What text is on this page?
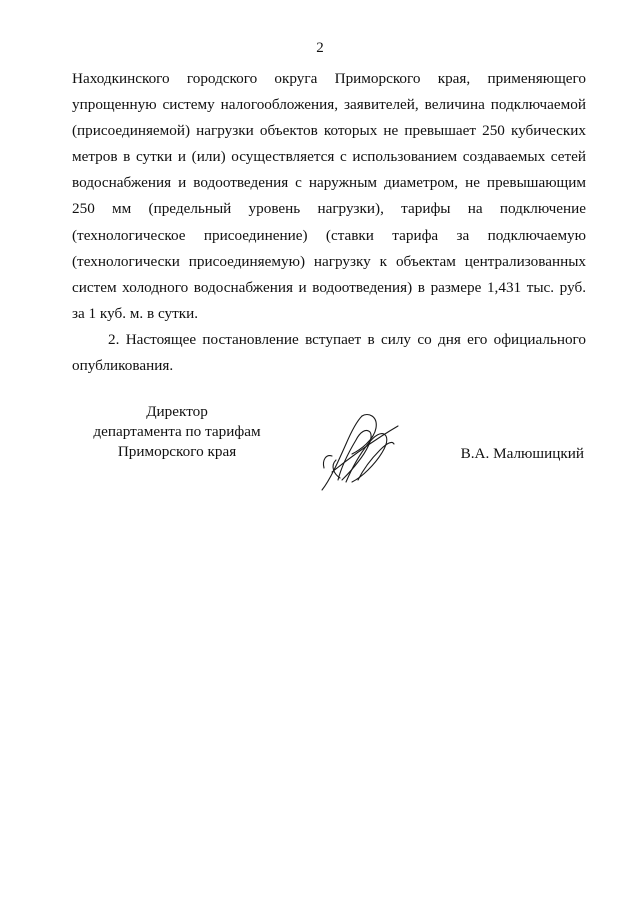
2

Находкинского городского округа Приморского края, применяющего упрощенную систему налогообложения, заявителей, величина подключаемой (присоединяемой) нагрузки объектов которых не превышает 250 кубических метров в сутки и (или) осуществляется с использованием создаваемых сетей водоснабжения и водоотведения с наружным диаметром, не превышающим 250 мм (предельный уровень нагрузки), тарифы на подключение (технологическое присоединение) (ставки тарифа за подключаемую (технологически присоединяемую) нагрузку к объектам централизованных систем холодного водоснабжения и водоотведения) в размере 1,431 тыс. руб. за 1 куб. м. в сутки.

2. Настоящее постановление вступает в силу со дня его официального опубликования.

Директор
департамента по тарифам
Приморского края	В.А. Малюшицкий
